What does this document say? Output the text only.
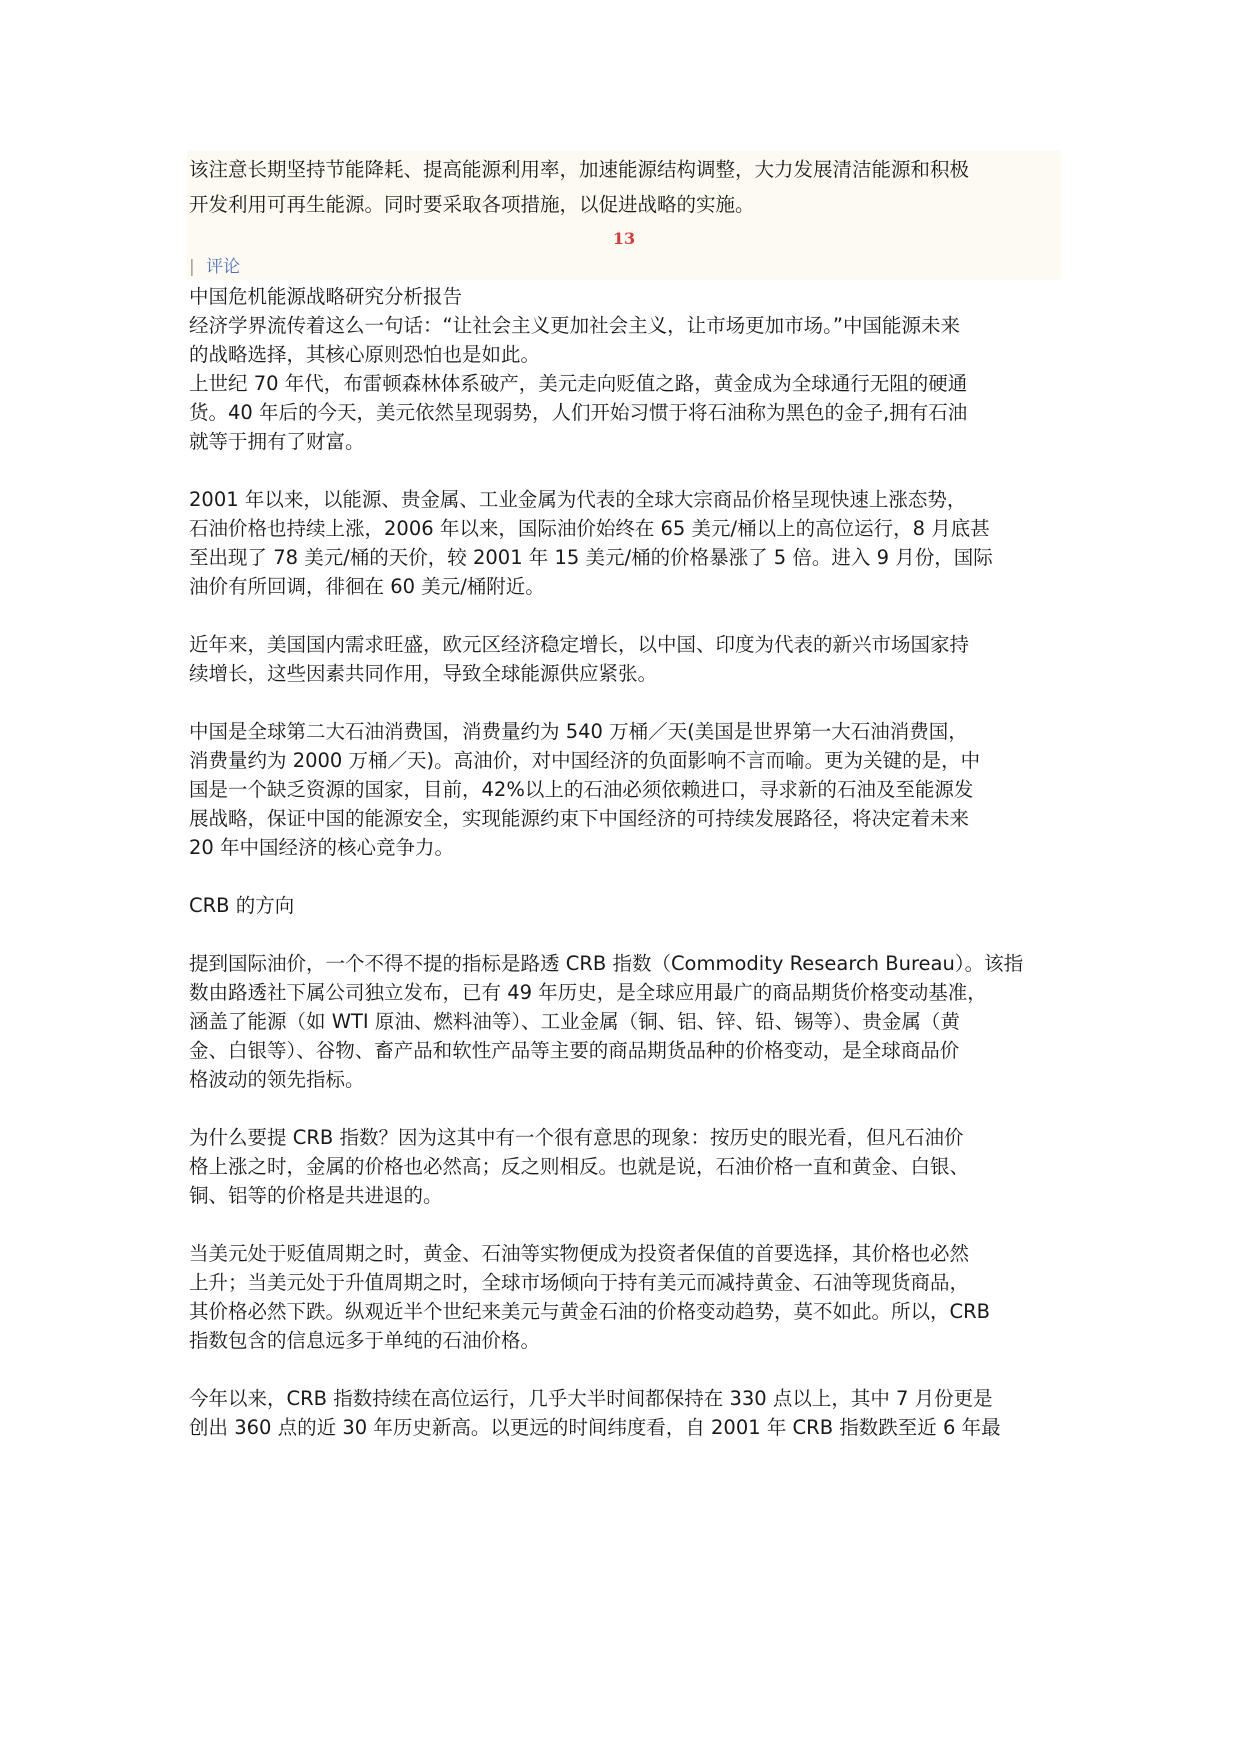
该注意长期坚持节能降耗、提高能源利用率，加速能源结构调整，大力发展清洁能源和积极

开发利用可再生能源。同时要采取各项措施，以促进战略的实施。

13
| 评论

中国危机能源战略研究分析报告

经济学界流传着这么一句话：“让社会主义更加社会主义，让市场更加市场。”中国能源未来

的战略选择，其核心原则恐怕也是如此。

上世纪 70 年代，布雷顿森林体系破产，美元走向贬值之路，黄金成为全球通行无阻的硬通

货。40 年后的今天，美元依然呈现弱势，人们开始习惯于将石油称为黑色的金子,拥有石油

就等于拥有了财富。

2001 年以来，以能源、贵金属、工业金属为代表的全球大宗商品价格呈现快速上涨态势，

石油价格也持续上涨，2006 年以来，国际油价始终在 65 美元/桶以上的高位运行，8 月底甚

至出现了 78 美元/桶的天价，较 2001 年 15 美元/桶的价格暴涨了 5 倍。进入 9 月份，国际

油价有所回调，徘徊在 60 美元/桶附近。

近年来，美国国内需求旺盛，欧元区经济稳定增长，以中国、印度为代表的新兴市场国家持

续增长，这些因素共同作用，导致全球能源供应紧张。

中国是全球第二大石油消费国，消费量约为 540 万桶／天(美国是世界第一大石油消费国，

消费量约为 2000 万桶／天)。高油价，对中国经济的负面影响不言而喻。更为关键的是，中

国是一个缺乏资源的国家，目前，42%以上的石油必须依赖进口，寻求新的石油及至能源发

展战略，保证中国的能源安全，实现能源约束下中国经济的可持续发展路径，将决定着未来

20 年中国经济的核心竞争力。

CRB 的方向

提到国际油价，一个不得不提的指标是路透 CRB 指数（Commodity Research Bureau）。该指

数由路透社下属公司独立发布，已有 49 年历史，是全球应用最广的商品期货价格变动基准，

涵盖了能源（如 WTI 原油、燃料油等）、工业金属（铜、铝、锌、铅、锡等）、贵金属（黄

金、白银等）、谷物、畜产品和软性产品等主要的商品期货品种的价格变动，是全球商品价

格波动的领先指标。

为什么要提 CRB 指数？因为这其中有一个很有意思的现象：按历史的眼光看，但凡石油价

格上涨之时，金属的价格也必然高；反之则相反。也就是说，石油价格一直和黄金、白银、

铜、铝等的价格是共进退的。

当美元处于贬值周期之时，黄金、石油等实物便成为投资者保值的首要选择，其价格也必然

上升；当美元处于升值周期之时，全球市场倾向于持有美元而减持黄金、石油等现货商品，

其价格必然下跌。纵观近半个世纪来美元与黄金石油的价格变动趋势，莫不如此。所以，CRB

指数包含的信息远多于单纯的石油价格。

今年以来，CRB 指数持续在高位运行，几乎大半时间都保持在 330 点以上，其中 7 月份更是

创出 360 点的近 30 年历史新高。以更远的时间纬度看，自 2001 年 CRB 指数跌至近 6 年最
